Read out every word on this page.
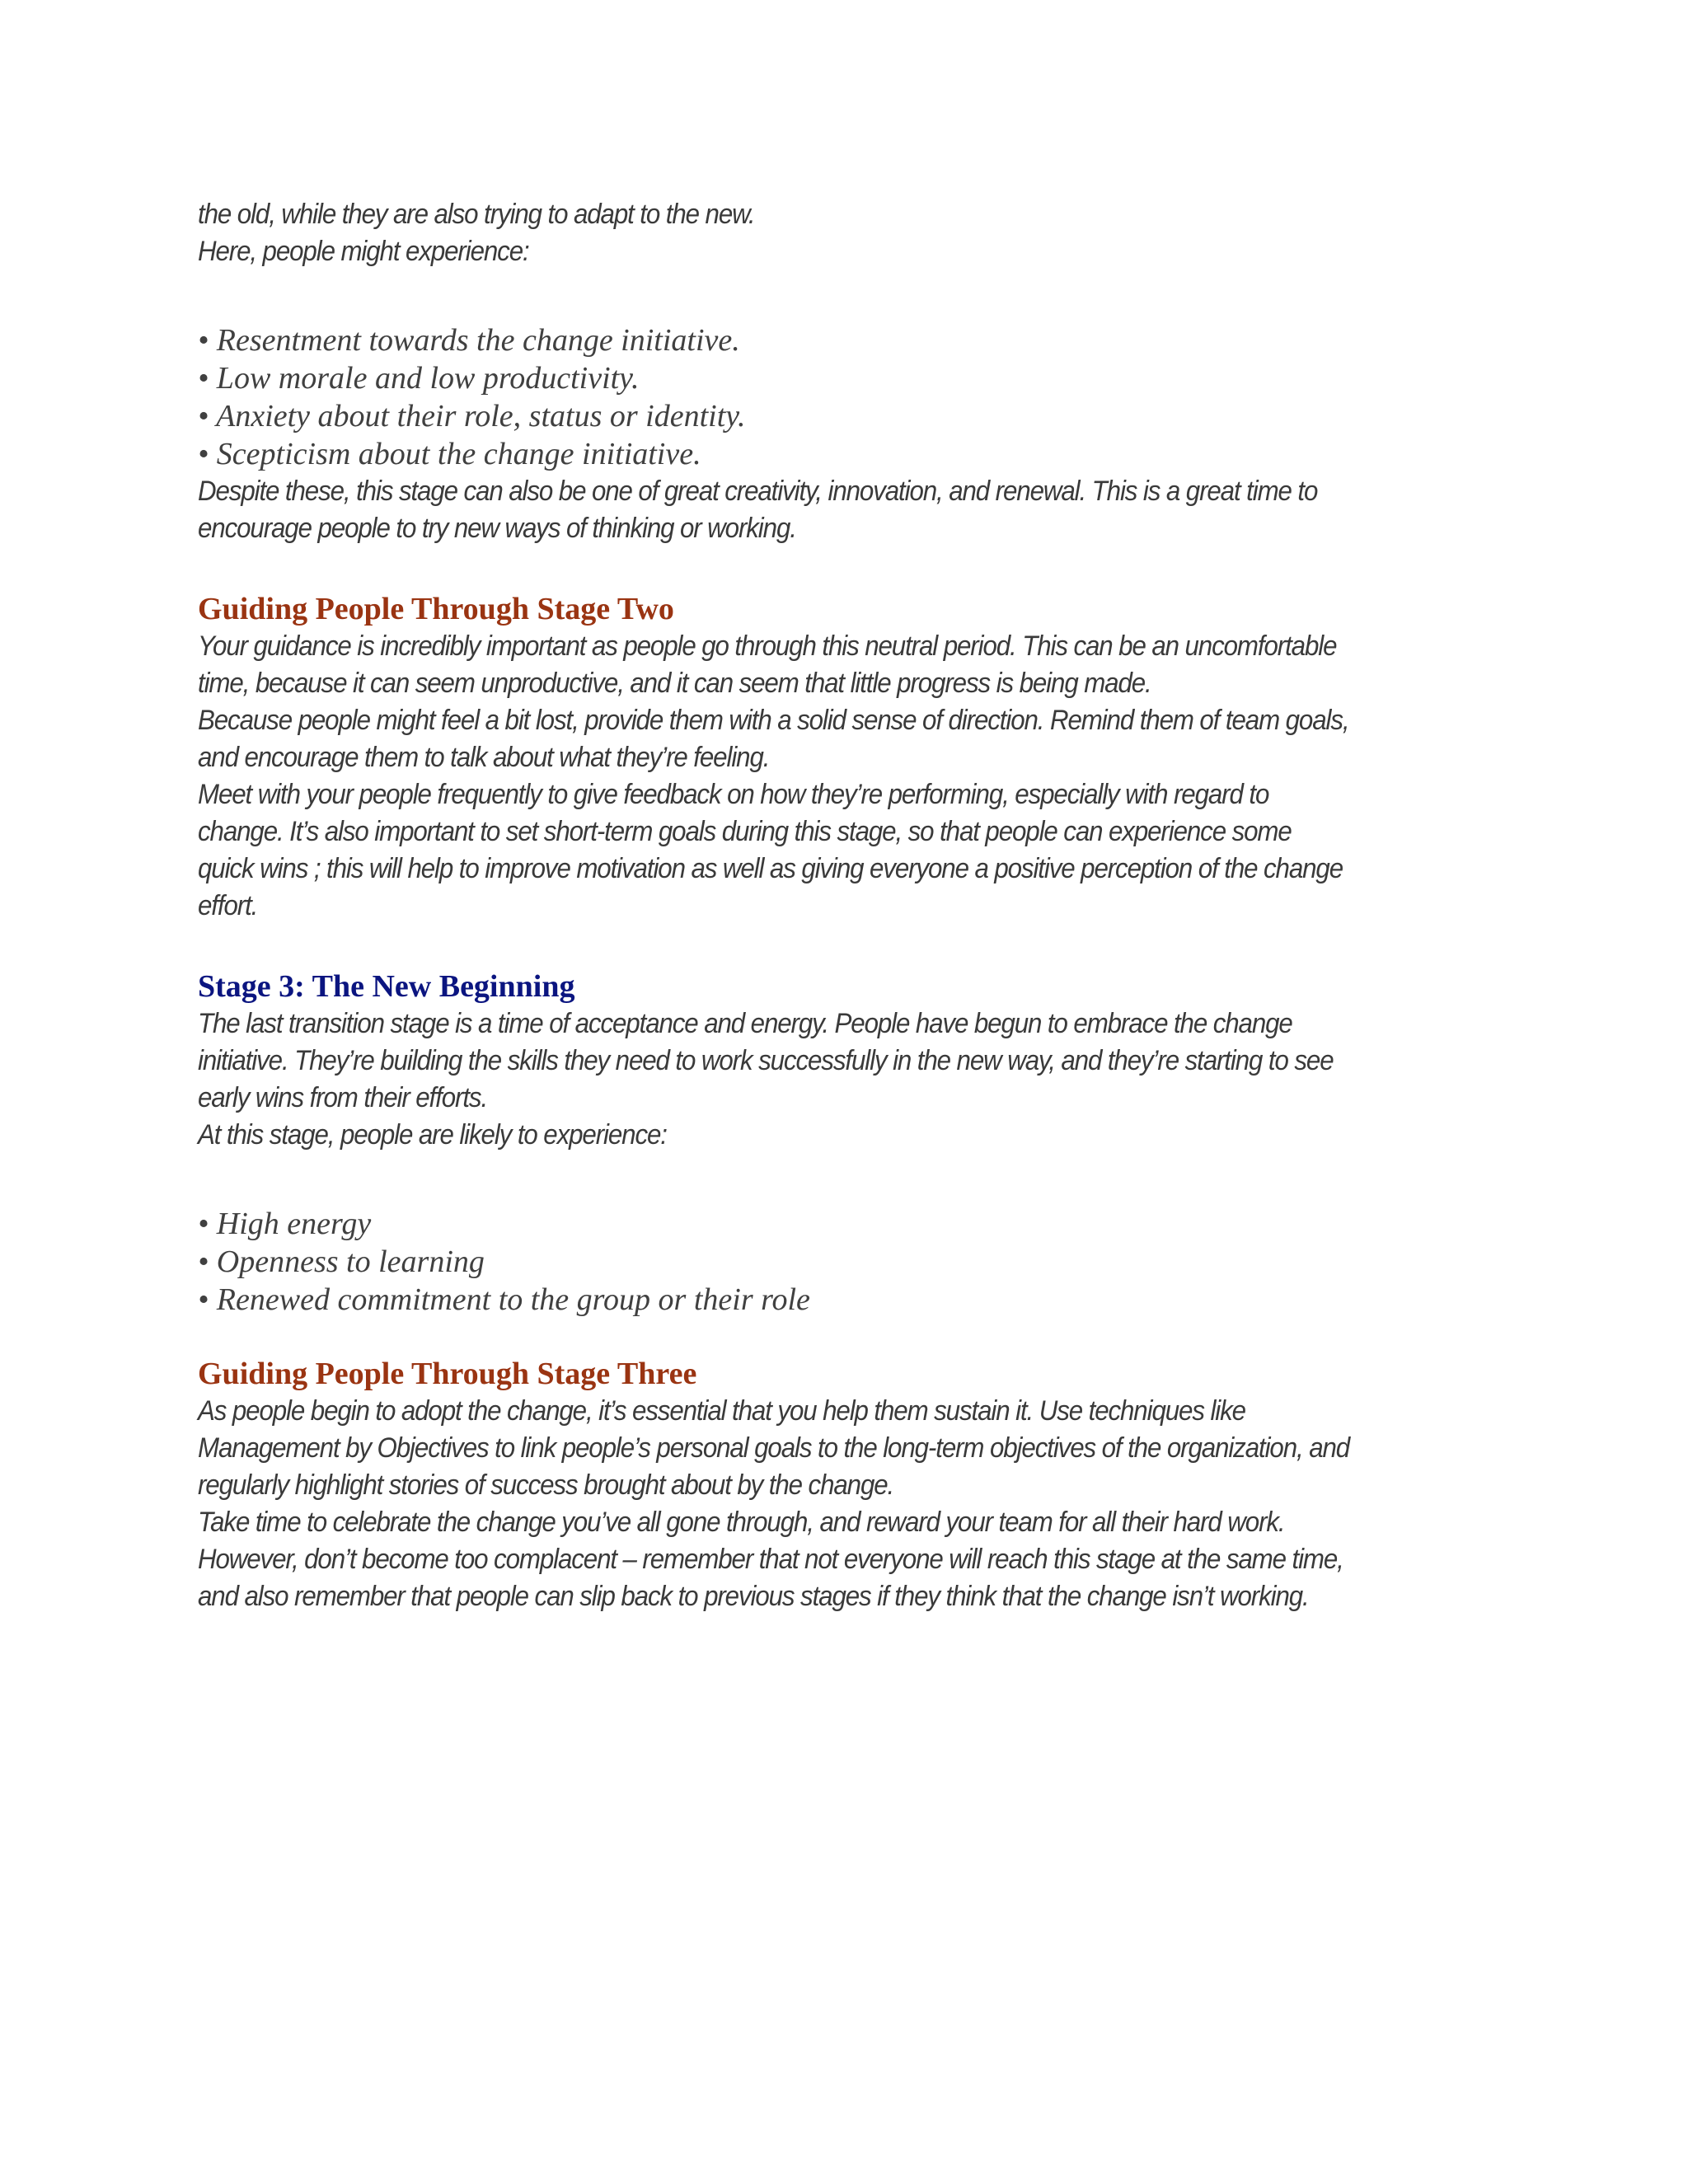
the old, while they are also trying to adapt to the new.
Here, people might experience:
• Resentment towards the change initiative.
• Low morale and low productivity.
• Anxiety about their role, status or identity.
• Scepticism about the change initiative.
Despite these, this stage can also be one of great creativity, innovation, and renewal. This is a great time to
encourage people to try new ways of thinking or working.
Guiding People Through Stage Two
Your guidance is incredibly important as people go through this neutral period. This can be an uncomfortable
time, because it can seem unproductive, and it can seem that little progress is being made.
Because people might feel a bit lost, provide them with a solid sense of direction. Remind them of team goals,
and encourage them to talk about what they’re feeling.
Meet with your people frequently to give feedback on how they’re performing, especially with regard to
change. It’s also important to set short-term goals during this stage, so that people can experience some
quick wins ; this will help to improve motivation as well as giving everyone a positive perception of the change
effort.
Stage 3: The New Beginning
The last transition stage is a time of acceptance and energy. People have begun to embrace the change
initiative. They’re building the skills they need to work successfully in the new way, and they’re starting to see
early wins from their efforts.
At this stage, people are likely to experience:
• High energy
• Openness to learning
• Renewed commitment to the group or their role
Guiding People Through Stage Three
As people begin to adopt the change, it’s essential that you help them sustain it. Use techniques like
Management by Objectives to link people’s personal goals to the long-term objectives of the organization, and
regularly highlight stories of success brought about by the change.
Take time to celebrate the change you’ve all gone through, and reward your team for all their hard work.
However, don’t become too complacent – remember that not everyone will reach this stage at the same time,
and also remember that people can slip back to previous stages if they think that the change isn’t working.
